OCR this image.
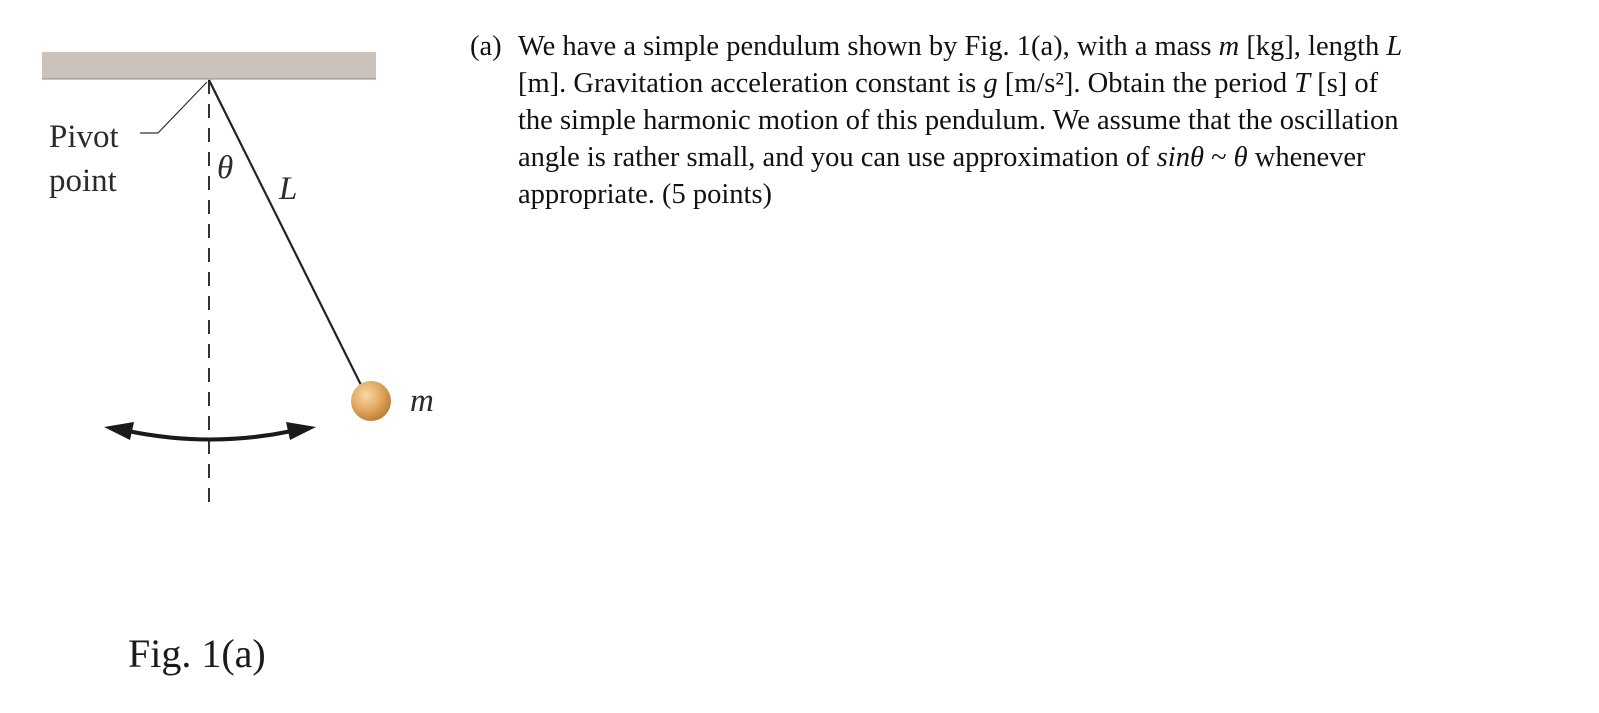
Pivot
point	θ
L
m
Fig. 1(a)
(a) We have a simple pendulum shown by Fig. 1(a), with a mass m [kg], length L
[m]. Gravitation acceleration constant is g [m/s²]. Obtain the period T [s] of
the simple harmonic motion of this pendulum. We assume that the oscillation
angle is rather small, and you can use approximation of sinθ ~ θ whenever
appropriate. (5 points)
